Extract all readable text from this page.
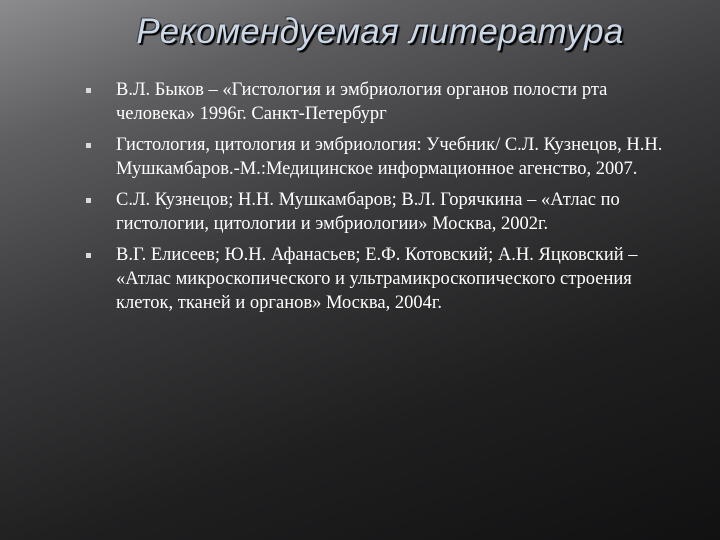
Рекомендуемая литература
В.Л. Быков – «Гистология и эмбриология органов полости рта человека» 1996г. Санкт-Петербург
Гистология, цитология и эмбриология: Учебник/ С.Л. Кузнецов, Н.Н. Мушкамбаров.-М.:Медицинское информационное агенство, 2007.
С.Л. Кузнецов; Н.Н. Мушкамбаров; В.Л. Горячкина – «Атлас по гистологии, цитологии и эмбриологии» Москва, 2002г.
В.Г. Елисеев; Ю.Н. Афанасьев; Е.Ф. Котовский; А.Н. Яцковский – «Атлас микроскопического и ультрамикроскопического строения клеток, тканей и органов» Москва, 2004г.
